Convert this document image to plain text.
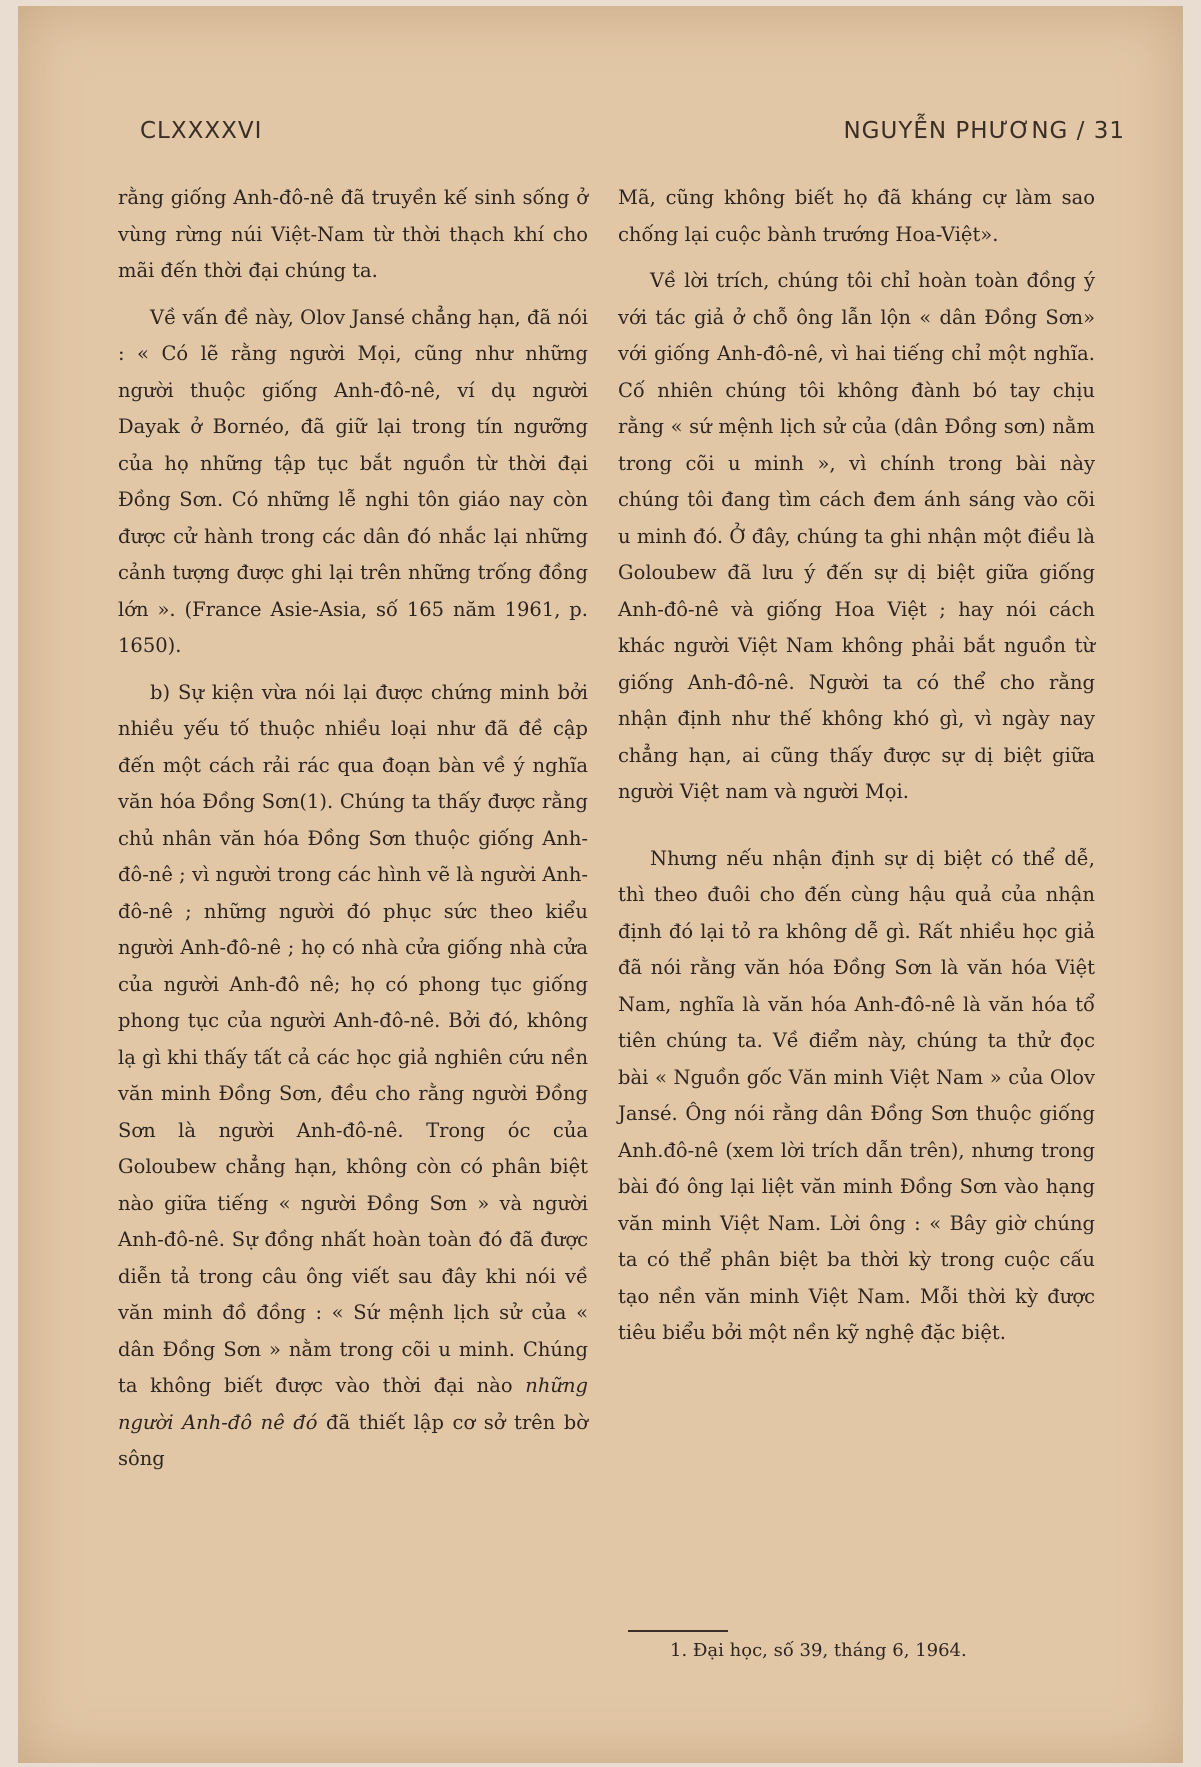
CLXXXXVI	NGUYỄN PHƯƠNG / 31

rằng giống Anh-đô-nê đã truyền kế sinh sống ở vùng rừng núi Việt-Nam từ thời thạch khí cho mãi đến thời đại chúng ta.

Về vấn đề này, Olov Jansé chẳng hạn, đã nói : « Có lẽ rằng người Mọi, cũng như những người thuộc giống Anh-đô-nê, ví dụ người Dayak ở Bornéo, đã giữ lại trong tín ngưỡng của họ những tập tục bắt nguồn từ thời đại Đồng Sơn. Có những lễ nghi tôn giáo nay còn được cử hành trong các dân đó nhắc lại những cảnh tượng được ghi lại trên những trống đồng lớn ». (France Asie-Asia, số 165 năm 1961, p. 1650).

b) Sự kiện vừa nói lại được chứng minh bởi nhiều yếu tố thuộc nhiều loại như đã đề cập đến một cách rải rác qua đoạn bàn về ý nghĩa văn hóa Đồng Sơn(1). Chúng ta thấy được rằng chủ nhân văn hóa Đồng Sơn thuộc giống Anh-đô-nê ; vì người trong các hình vẽ là người Anh-đô-nê ; những người đó phục sức theo kiểu người Anh-đô-nê ; họ có nhà cửa giống nhà cửa của người Anh-đô nê; họ có phong tục giống phong tục của người Anh-đô-nê. Bởi đó, không lạ gì khi thấy tất cả các học giả nghiên cứu nền văn minh Đồng Sơn, đều cho rằng người Đồng Sơn là người Anh-đô-nê. Trong óc của Goloubew chẳng hạn, không còn có phân biệt nào giữa tiếng « người Đồng Sơn » và người Anh-đô-nê. Sự đồng nhất hoàn toàn đó đã được diễn tả trong câu ông viết sau đây khi nói về văn minh đồ đồng : « Sứ mệnh lịch sử của « dân Đồng Sơn » nằm trong cõi u minh. Chúng ta không biết được vào thời đại nào những người Anh-đô nê đó đã thiết lập cơ sở trên bờ sông

Mã, cũng không biết họ đã kháng cự làm sao chống lại cuộc bành trướng Hoa-Việt».

Về lời trích, chúng tôi chỉ hoàn toàn đồng ý với tác giả ở chỗ ông lẫn lộn « dân Đồng Sơn» với giống Anh-đô-nê, vì hai tiếng chỉ một nghĩa. Cố nhiên chúng tôi không đành bó tay chịu rằng « sứ mệnh lịch sử của (dân Đồng sơn) nằm trong cõi u minh », vì chính trong bài này chúng tôi đang tìm cách đem ánh sáng vào cõi u minh đó. Ở đây, chúng ta ghi nhận một điều là Goloubew đã lưu ý đến sự dị biệt giữa giống Anh-đô-nê và giống Hoa Việt ; hay nói cách khác người Việt Nam không phải bắt nguồn từ giống Anh-đô-nê. Người ta có thể cho rằng nhận định như thế không khó gì, vì ngày nay chẳng hạn, ai cũng thấy được sự dị biệt giữa người Việt nam và người Mọi.

Nhưng nếu nhận định sự dị biệt có thể dễ, thì theo đuôi cho đến cùng hậu quả của nhận định đó lại tỏ ra không dễ gì. Rất nhiều học giả đã nói rằng văn hóa Đồng Sơn là văn hóa Việt Nam, nghĩa là văn hóa Anh-đô-nê là văn hóa tổ tiên chúng ta. Về điểm này, chúng ta thử đọc bài « Nguồn gốc Văn minh Việt Nam » của Olov Jansé. Ông nói rằng dân Đồng Sơn thuộc giống Anh.đô-nê (xem lời trích dẫn trên), nhưng trong bài đó ông lại liệt văn minh Đồng Sơn vào hạng văn minh Việt Nam. Lời ông : « Bây giờ chúng ta có thể phân biệt ba thời kỳ trong cuộc cấu tạo nền văn minh Việt Nam. Mỗi thời kỳ được tiêu biểu bởi một nền kỹ nghệ đặc biệt.

1. Đại học, số 39, tháng 6, 1964.
